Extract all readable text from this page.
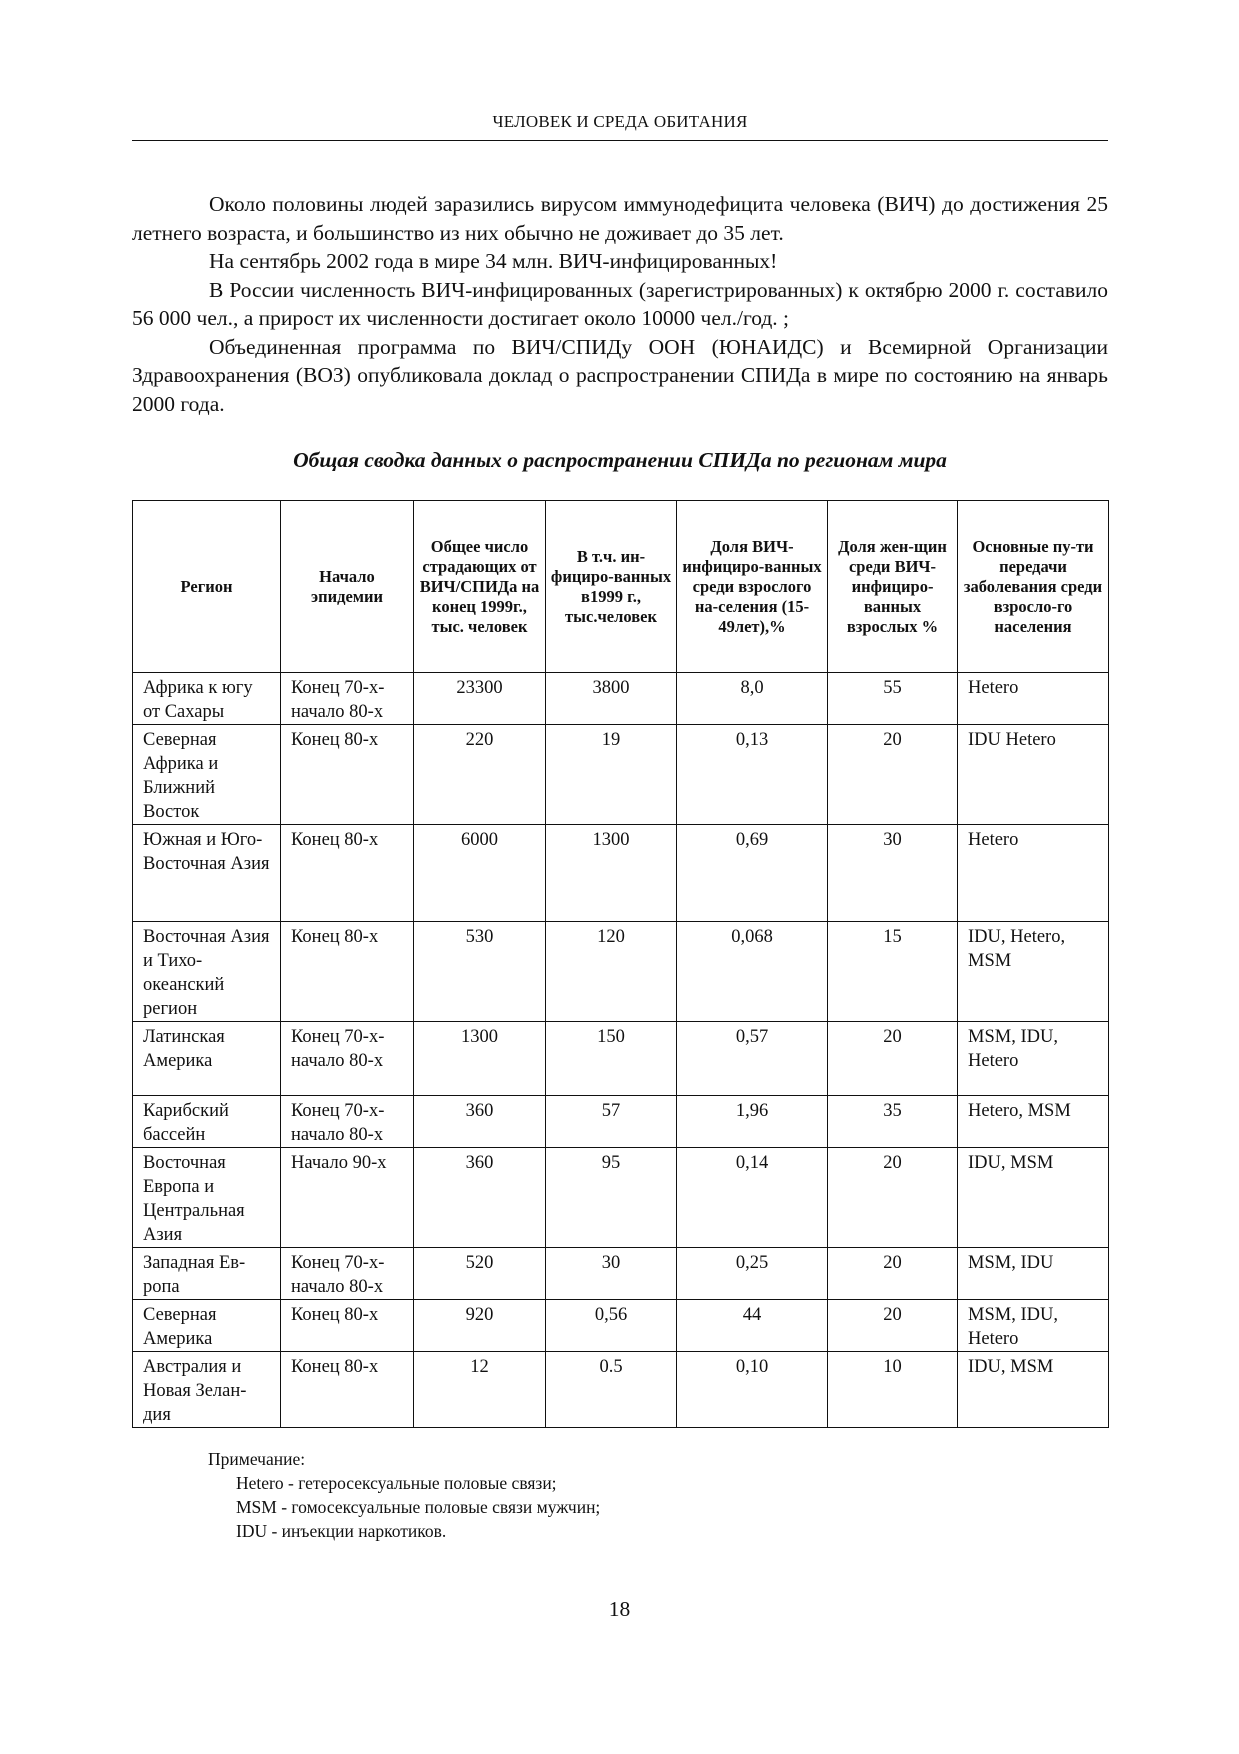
ЧЕЛОВЕК И СРЕДА ОБИТАНИЯ

Около половины людей заразились вирусом иммунодефицита человека (ВИЧ) до достижения 25 летнего возраста, и большинство из них обычно не доживает до 35 лет.

На сентябрь 2002 года в мире 34 млн. ВИЧ-инфицированных!

В России численность ВИЧ-инфицированных (зарегистрированных) к октябрю 2000 г. составило 56 000 чел., а прирост их численности достигает около 10000 чел./год. ;

Объединенная программа по ВИЧ/СПИДу ООН (ЮНАИДС) и Всемирной Организации Здравоохранения (ВОЗ) опубликовала доклад о распространении СПИДа в мире по состоянию на январь 2000 года.

Общая сводка данных о распространении СПИДа по регионам мира
Регион	Начало эпидемии	Общее число страдающих от ВИЧ/СПИДа на конец 1999г., тыс. человек	В т.ч. ин-фициро-ванных в1999 г., тыс.человек	Доля ВИЧ-инфициро-ванных среди взрослого на-селения (15-49лет),%	Доля жен-щин среди ВИЧ-инфициро-ванных взрослых %	Основные пу-ти передачи заболевания среди взросло-го населения
Африка к югу от Сахары	Конец 70-х-начало 80-х	23300	3800	8,0	55	Hetero
Северная Африка и Ближний Восток	Конец 80-х	220	19	0,13	20	IDU Hetero
Южная и Юго-Восточная Азия	Конец 80-х	6000	1300	0,69	30	Hetero
Восточная Азия и Тихо-океанский регион	Конец 80-х	530	120	0,068	15	IDU, Hetero, MSM
Латинская Америка	Конец 70-х-начало 80-х	1300	150	0,57	20	MSM, IDU, Hetero
Карибский бассейн	Конец 70-х-начало 80-х	360	57	1,96	35	Hetero, MSM
Восточная Европа и Центральная Азия	Начало 90-х	360	95	0,14	20	IDU, MSM
Западная Ев-ропа	Конец 70-х-начало 80-х	520	30	0,25	20	MSM, IDU
Северная Америка	Конец 80-х	920	0,56	44	20	MSM, IDU, Hetero
Австралия и Новая Зелан-дия	Конец 80-х	12	0.5	0,10	10	IDU, MSM
Примечание:
Hetero - гетеросексуальные половые связи;
MSM - гомосексуальные половые связи мужчин;
IDU - инъекции наркотиков.
18
